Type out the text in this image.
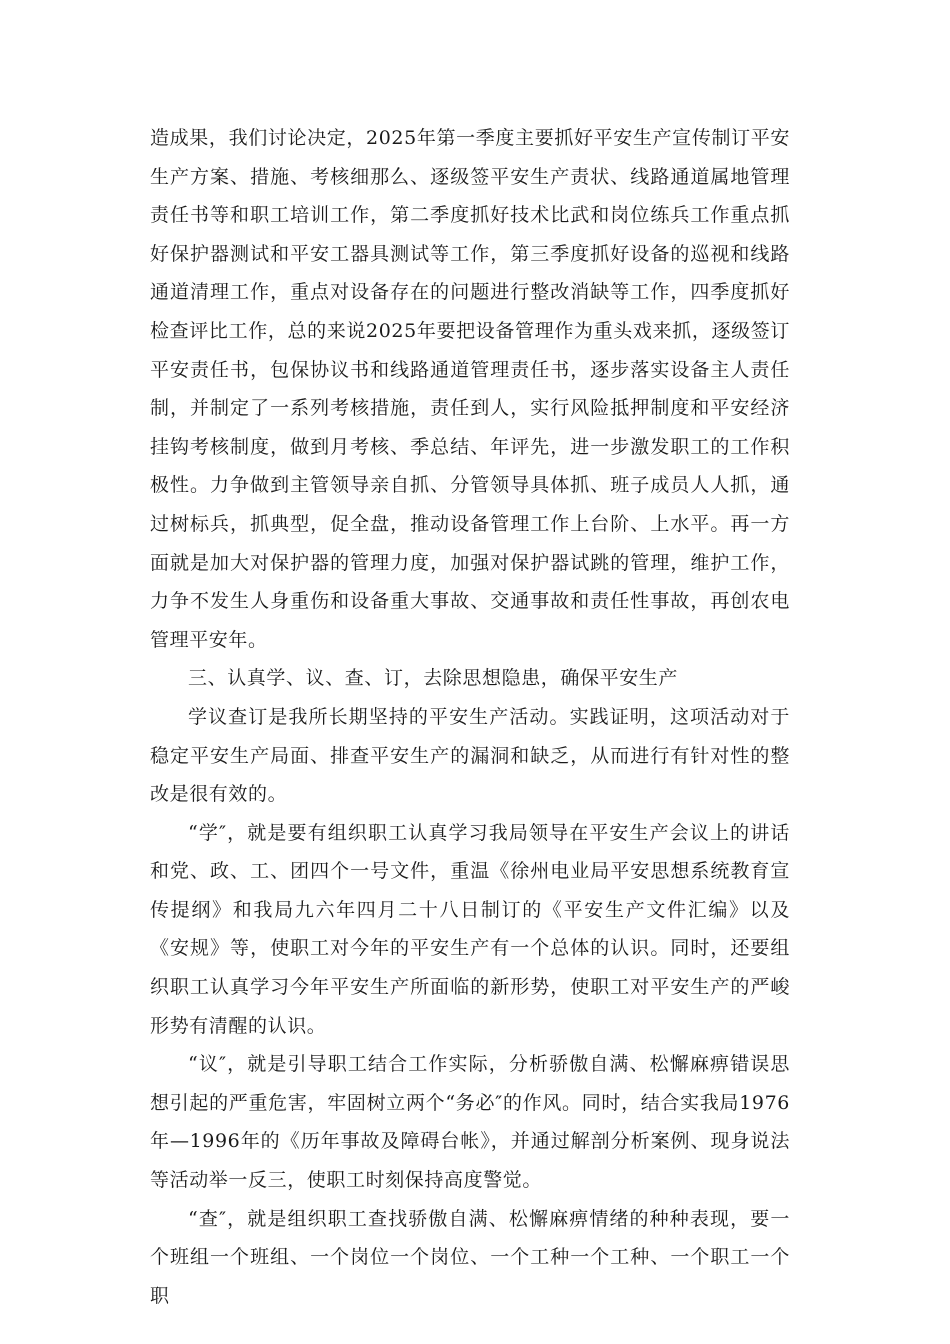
造成果，我们讨论决定，2025年第一季度主要抓好平安生产宣传制订平安生产方案、措施、考核细那么、逐级签平安生产责状、线路通道属地管理责任书等和职工培训工作，第二季度抓好技术比武和岗位练兵工作重点抓好保护器测试和平安工器具测试等工作，第三季度抓好设备的巡视和线路通道清理工作，重点对设备存在的问题进行整改消缺等工作，四季度抓好检查评比工作，总的来说2025年要把设备管理作为重头戏来抓，逐级签订平安责任书，包保协议书和线路通道管理责任书，逐步落实设备主人责任制，并制定了一系列考核措施，责任到人，实行风险抵押制度和平安经济挂钩考核制度，做到月考核、季总结、年评先，进一步激发职工的工作积极性。力争做到主管领导亲自抓、分管领导具体抓、班子成员人人抓，通过树标兵，抓典型，促全盘，推动设备管理工作上台阶、上水平。再一方面就是加大对保护器的管理力度，加强对保护器试跳的管理，维护工作，力争不发生人身重伤和设备重大事故、交通事故和责任性事故，再创农电管理平安年。

三、认真学、议、查、订，去除思想隐患，确保平安生产

学议查订是我所长期坚持的平安生产活动。实践证明，这项活动对于稳定平安生产局面、排查平安生产的漏洞和缺乏，从而进行有针对性的整改是很有效的。

“学″，就是要有组织职工认真学习我局领导在平安生产会议上的讲话和党、政、工、团四个一号文件，重温《徐州电业局平安思想系统教育宣传提纲》和我局九六年四月二十八日制订的《平安生产文件汇编》以及《安规》等，使职工对今年的平安生产有一个总体的认识。同时，还要组织职工认真学习今年平安生产所面临的新形势，使职工对平安生产的严峻形势有清醒的认识。

“议″，就是引导职工结合工作实际，分析骄傲自满、松懈麻痹错误思想引起的严重危害，牢固树立两个“务必″的作风。同时，结合实我局1976年—1996年的《历年事故及障碍台帐》，并通过解剖分析案例、现身说法等活动举一反三，使职工时刻保持高度警觉。

“查″，就是组织职工查找骄傲自满、松懈麻痹情绪的种种表现，要一个班组一个班组、一个岗位一个岗位、一个工种一个工种、一个职工一个职
